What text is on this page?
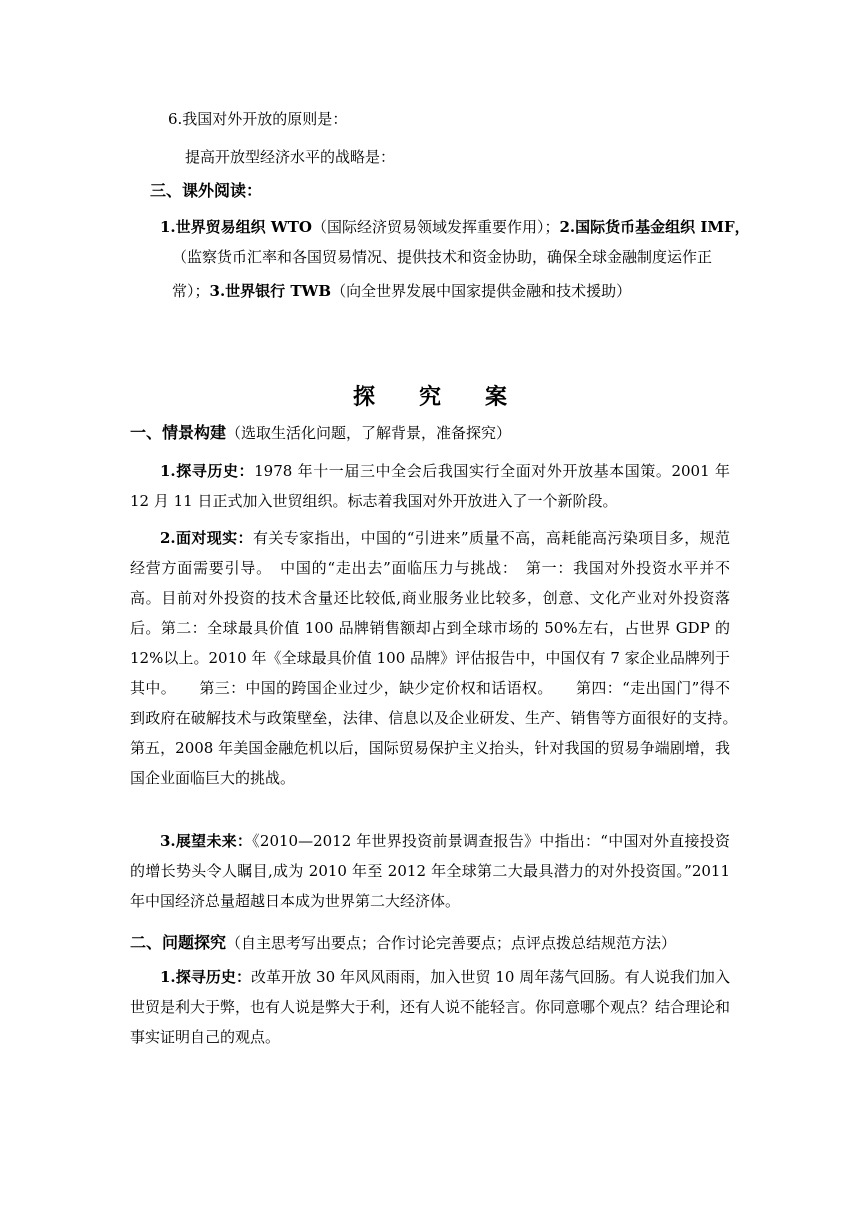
6.我国对外开放的原则是：
提高开放型经济水平的战略是：
三、课外阅读：
1.世界贸易组织 WTO（国际经济贸易领域发挥重要作用）；2.国际货币基金组织 IMF，
（监察货币汇率和各国贸易情况、提供技术和资金协助，确保全球金融制度运作正
常）；3.世界银行 TWB（向全世界发展中国家提供金融和技术援助）
探 究 案
一、情景构建（选取生活化问题，了解背景，准备探究）
1.探寻历史：1978 年十一届三中全会后我国实行全面对外开放基本国策。2001 年 12 月 11 日正式加入世贸组织。标志着我国对外开放进入了一个新阶段。
2.面对现实：有关专家指出，中国的“引进来”质量不高，高耗能高污染项目多，规范经营方面需要引导。　中国的“走出去”面临压力与挑战：　第一：我国对外投资水平并不高。目前对外投资的技术含量还比较低,商业服务业比较多，创意、文化产业对外投资落后。第二：全球最具价值 100 品牌销售额却占到全球市场的 50%左右，占世界 GDP 的 12%以上。2010 年《全球最具价值 100 品牌》评估报告中，中国仅有 7 家企业品牌列于其中。　　第三：中国的跨国企业过少，缺少定价权和话语权。　　第四：“走出国门”得不到政府在破解技术与政策壁垒，法律、信息以及企业研发、生产、销售等方面很好的支持。　　第五，2008 年美国金融危机以后，国际贸易保护主义抬头，针对我国的贸易争端剧增，我国企业面临巨大的挑战。
3.展望未来：《2010—2012 年世界投资前景调查报告》中指出：“中国对外直接投资的增长势头令人瞩目,成为 2010 年至 2012 年全球第二大最具潜力的对外投资国。”2011 年中国经济总量超越日本成为世界第二大经济体。
二、问题探究（自主思考写出要点；合作讨论完善要点；点评点拨总结规范方法）
1.探寻历史：改革开放 30 年风风雨雨，加入世贸 10 周年荡气回肠。有人说我们加入世贸是利大于弊，也有人说是弊大于利，还有人说不能轻言。你同意哪个观点？结合理论和事实证明自己的观点。
